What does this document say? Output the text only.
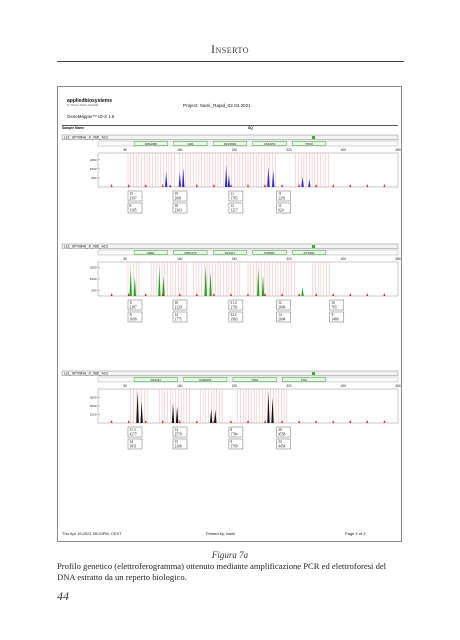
Inserto
appliedbiosystems
by Thermo Fisher Scientific
GeneMapper™ ID-X 1.6
Project: Samì_Rapid_02.04.2021
Sample Name	SQ
L13_ SP709HA_ JI_V8D_ AC3
D3S1358	vWA	D16S539	CSF1PO	TPOX
80	160	240	320	400	480
2400
1600
800
15
2507
19
2081
11
1765
11
2291
8
1185
18
2303
12
1217
11
920
L13_ SP709HA_ JI_V8D_ AC3
AMEL	D8S1179	D21S11	D18S51	DYS391
80	160	240	320	400	480
2500
1500
500
X
2387
10
2129
31.2
2791
12
2649
10
765
X
1690
14
1775
32.2
1983
14
2004
Y
1480
L13_ SP709HA_ JI_V8D_ AC3
D2S441	D19S433	TH01	FGA
80	160	240	320	400	480
3000
2000
1000
11.3
4277
14
2570
8
1784
20
4558
14
3051
15
2308
9
1769
23
4454
Thu Apr 15,2021 05:24PM, CEST	Printed by: barni	Page 1 of 2
Figura 7a
Profilo genetico (elettroferogramma) ottenuto mediante amplificazione PCR ed elettroforesi del DNA estratto da un reperto biologico.
44
